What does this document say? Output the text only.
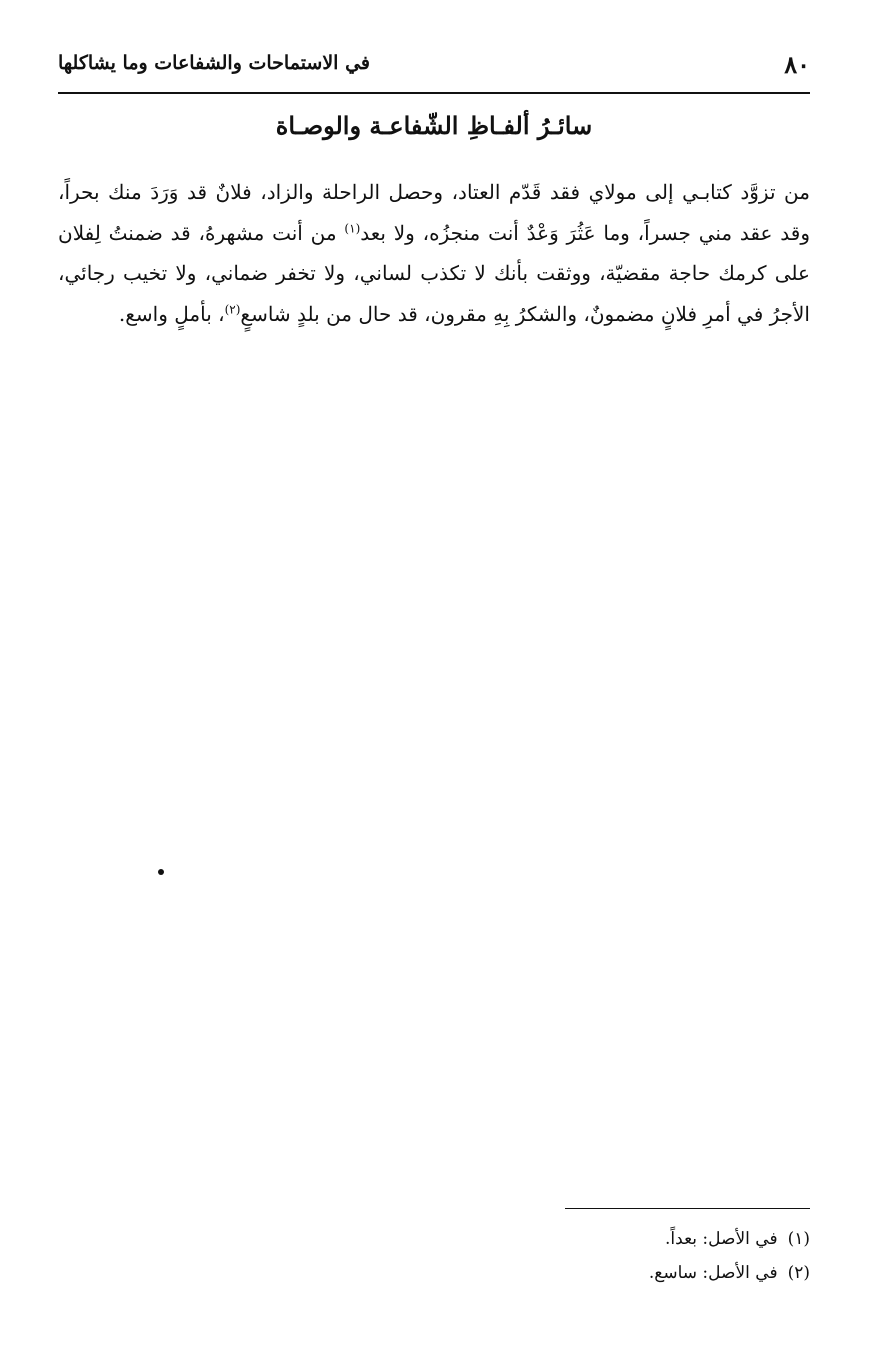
٨٠
في الاستماحات والشفاعات وما يشاكلها
سائـرُ ألفـاظِ الشّفاعـة والوصـاة

من تزوَّد كتابـي إلى مولاي فقد قَدّم العتاد، وحصل الراحلة والزاد، فلانٌ قد وَرَدَ منك بحراً، وقد عقد مني جسراً، وما عَثُرَ وَعْدٌ أنت منجزُه، ولا بعد$^{(١)}$ من أنت مشهرهُ، قد ضمنتُ لِفلان على كرمك حاجة مقضيّة، ووثقت بأنك لا تكذب لساني، ولا تخفر ضماني، ولا تخيب رجائي، الأجرُ في أمرِ فلانٍ مضمونٌ، والشكرُ بِهِ مقرون، قد حال من بلدٍ شاسعٍ$^{(٢)}$، بأملٍ واسع.

(١)في الأصل: بعداً.
(٢)في الأصل: ساسع.
